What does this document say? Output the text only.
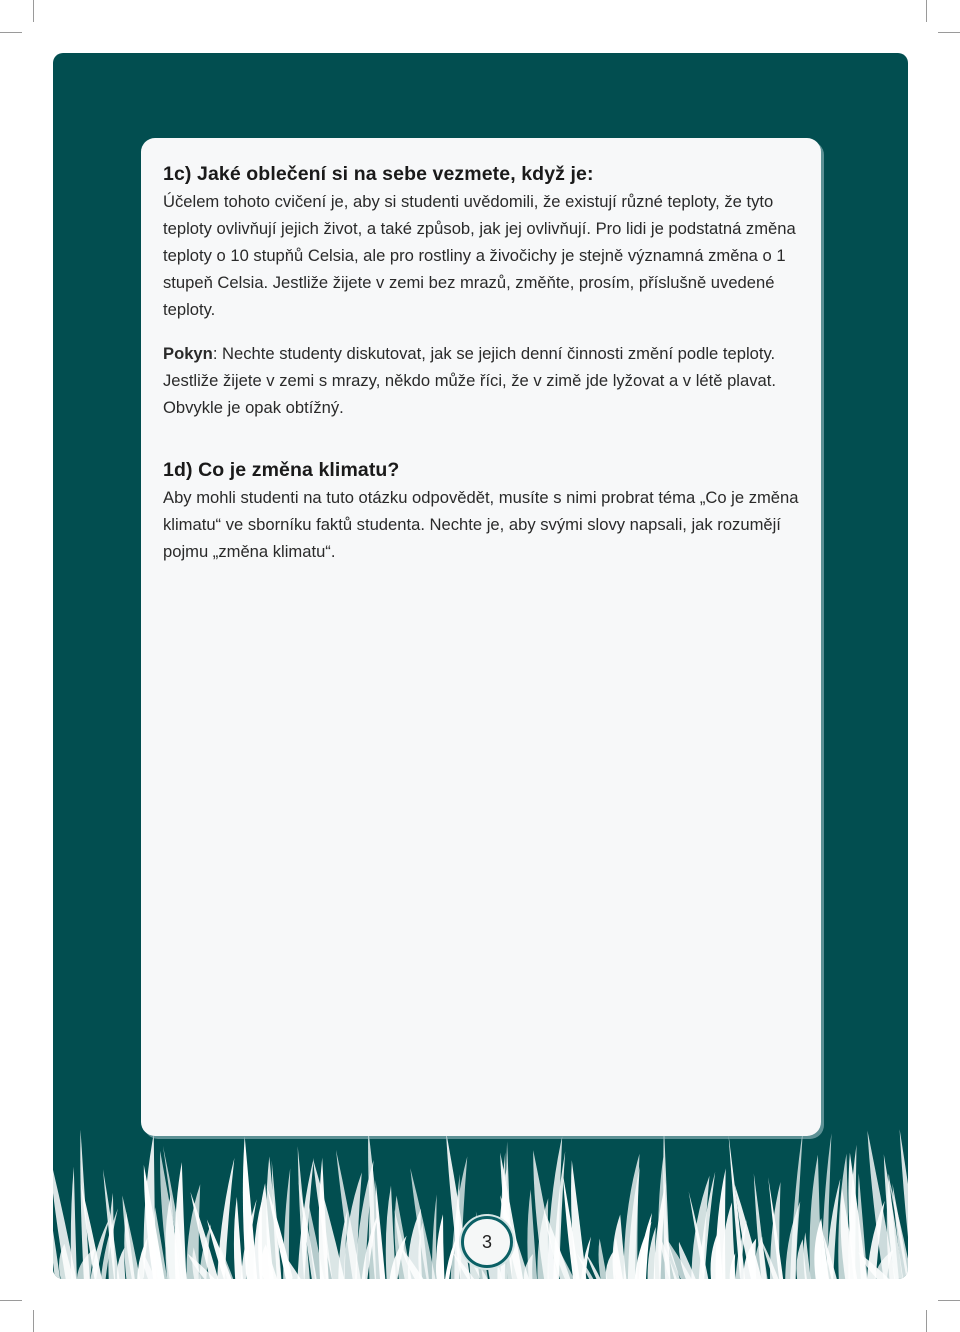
1c) Jaké oblečení si na sebe vezmete, když je:

Účelem tohoto cvičení je, aby si studenti uvědomili, že existují různé teploty, že tyto teploty ovlivňují jejich život, a také způsob, jak jej ovlivňují. Pro lidi je podstatná změna teploty o 10 stupňů Celsia, ale pro rostliny a živočichy je stejně významná změna o 1 stupeň Celsia. Jestliže žijete v zemi bez mrazů, změňte, prosím, příslušně uvedené teploty.

Pokyn: Nechte studenty diskutovat, jak se jejich denní činnosti změní podle teploty. Jestliže žijete v zemi s mrazy, někdo může říci, že v zimě jde lyžovat a v létě plavat. Obvykle je opak obtížný.

1d) Co je změna klimatu?

Aby mohli studenti na tuto otázku odpovědět, musíte s nimi probrat téma „Co je změna klimatu“ ve sborníku faktů studenta. Nechte je, aby svými slovy napsali, jak rozumějí pojmu „změna klimatu“.

3
